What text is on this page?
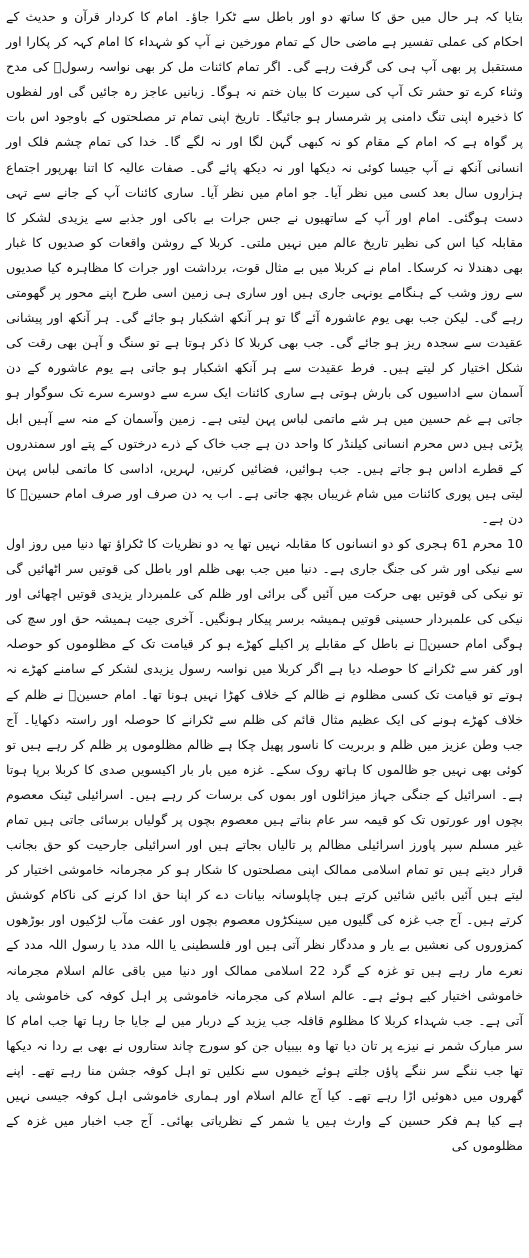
بتایا کہ ہر حال میں حق کا ساتھ دو اور باطل سے ٹکرا جاؤ۔ امام کا کردار قرآن و حدیث کے احکام کی عملی تفسیر ہے ماضی حال کے تمام مورخین نے آپ کو شہداء کا امام کہہ کر پکارا اور مستقبل پر بھی آپ ہی کی گرفت رہے گی۔ اگر تمام کائنات مل کر بھی نواسہ رسولؐ کی مدح وثناء کرے تو حشر تک آپ کی سیرت کا بیان ختم نہ ہوگا۔ زبانیں عاجز رہ جائیں گی اور لفظوں کا ذخیرہ اپنی تنگ دامنی پر شرمسار ہو جائیگا۔ تاریخ اپنی تمام تر مصلحتوں کے باوجود اس بات پر گواہ ہے کہ امام کے مقام کو نہ کبھی گہن لگا اور نہ لگے گا۔ خدا کی تمام چشم فلک اور انسانی آنکھ نے آپ جیسا کوئی نہ دیکھا اور نہ دیکھ پائے گی۔ صفات عالیہ کا اتنا بھرپور اجتماع ہزاروں سال بعد کسی میں نظر آیا۔ جو امام میں نظر آیا۔ ساری کائنات آپ کے جانے سے تہی دست ہوگئی۔ امام اور آپ کے ساتھیوں نے جس جرات بے باکی اور جذبے سے یزیدی لشکر کا مقابلہ کیا اس کی نظیر تاریخ عالم میں نہیں ملتی۔ کربلا کے روشن واقعات کو صدیوں کا غبار بھی دھندلا نہ کرسکا۔ امام نے کربلا میں بے مثال قوت، برداشت اور جرات کا مظاہرہ کیا صدیوں سے روز وشب کے ہنگامے یونہی جاری ہیں اور ساری ہی زمین اسی طرح اپنے محور پر گھومتی رہے گی۔ لیکن جب بھی یوم عاشورہ آئے گا تو ہر آنکھ اشکبار ہو جائے گی۔ ہر آنکھ اور پیشانی عقیدت سے سجدہ ریز ہو جائے گی۔ جب بھی کربلا کا ذکر ہوتا ہے تو سنگ و آہن بھی رقت کی شکل اختیار کر لیتے ہیں۔ فرط عقیدت سے ہر آنکھ اشکبار ہو جاتی ہے یوم عاشورہ کے دن آسمان سے اداسیوں کی بارش ہوتی ہے ساری کائنات ایک سرے سے دوسرے سرے تک سوگوار ہو جاتی ہے غم حسین میں ہر شے ماتمی لباس پہن لیتی ہے۔ زمین وآسمان کے منہ سے آہیں ابل پڑتی ہیں دس محرم انسانی کیلنڈر کا واحد دن ہے جب خاک کے ذرے درختوں کے پتے اور سمندروں کے قطرے اداس ہو جاتے ہیں۔ جب ہوائیں، فضائیں کرنیں، لہریں، اداسی کا ماتمی لباس پہن لیتی ہیں پوری کائنات میں شام غریباں بچھ جاتی ہے۔ اب یہ دن صرف اور صرف امام حسینؑ کا دن ہے۔

10 محرم 61 ہجری کو دو انسانوں کا مقابلہ نہیں تھا یہ دو نظریات کا ٹکراؤ تھا دنیا میں روز اول سے نیکی اور شر کی جنگ جاری ہے۔ دنیا میں جب بھی ظلم اور باطل کی قوتیں سر اٹھائیں گی تو نیکی کی قوتیں بھی حرکت میں آئیں گی برائی اور ظلم کی علمبردار یزیدی قوتیں اچھائی اور نیکی کی علمبردار حسینی قوتیں ہمیشہ برسر پیکار ہونگیں۔ آخری جیت ہمیشہ حق اور سچ کی ہوگی امام حسینؑ نے باطل کے مقابلے پر اکیلے کھڑے ہو کر قیامت تک کے مظلوموں کو حوصلہ اور کفر سے ٹکرانے کا حوصلہ دیا ہے اگر کربلا میں نواسہ رسول یزیدی لشکر کے سامنے کھڑے نہ ہوتے تو قیامت تک کسی مظلوم نے ظالم کے خلاف کھڑا نہیں ہونا تھا۔ امام حسینؑ نے ظلم کے خلاف کھڑے ہونے کی ایک عظیم مثال قائم کی ظلم سے ٹکرانے کا حوصلہ اور راستہ دکھایا۔ آج جب وطن عزیز میں ظلم و بربریت کا ناسور پھیل چکا ہے ظالم مظلوموں پر ظلم کر رہے ہیں تو کوئی بھی نہیں جو ظالموں کا ہاتھ روک سکے۔ غزہ میں بار بار اکیسویں صدی کا کربلا برپا ہوتا ہے۔ اسرائیل کے جنگی جہاز میزائلوں اور بموں کی برسات کر رہے ہیں۔ اسرائیلی ٹینک معصوم بچوں اور عورتوں تک کو قیمہ سر عام بناتے ہیں معصوم بچوں پر گولیاں برسائی جاتی ہیں تمام غیر مسلم سپر پاورز اسرائیلی مظالم پر تالیاں بجاتے ہیں اور اسرائیلی جارحیت کو حق بجانب قرار دیتے ہیں تو تمام اسلامی ممالک اپنی مصلحتوں کا شکار ہو کر مجرمانہ خاموشی اختیار کر لیتے ہیں آئیں بائیں شائیں کرتے ہیں چاپلوسانہ بیانات دے کر اپنا حق ادا کرنے کی ناکام کوشش کرتے ہیں۔ آج جب غزہ کی گلیوں میں سینکڑوں معصوم بچوں اور عفت مآب لڑکیوں اور بوڑھوں کمزوروں کی نعشیں بے یار و مددگار نظر آتی ہیں اور فلسطینی یا اللہ مدد یا رسول اللہ مدد کے نعرے مار رہے ہیں تو غزہ کے گرد 22 اسلامی ممالک اور دنیا میں باقی عالم اسلام مجرمانہ خاموشی اختیار کیے ہوئے ہے۔ عالم اسلام کی مجرمانہ خاموشی پر اہل کوفہ کی خاموشی یاد آتی ہے۔ جب شہداء کربلا کا مظلوم قافلہ جب یزید کے دربار میں لے جایا جا رہا تھا جب امام کا سر مبارک شمر نے نیزے پر تان دیا تھا وہ بیبیاں جن کو سورج چاند ستاروں نے بھی بے ردا نہ دیکھا تھا جب ننگے سر ننگے پاؤں جلتے ہوئے خیموں سے نکلیں تو اہل کوفہ جشن منا رہے تھے۔ اپنے گھروں میں دھوئیں اڑا رہے تھے۔ کیا آج عالم اسلام اور ہماری خاموشی اہل کوفہ جیسی نہیں ہے کیا ہم فکر حسین کے وارث ہیں یا شمر کے نظریاتی بھائی۔ آج جب اخبار میں غزہ کے مظلوموں کی
